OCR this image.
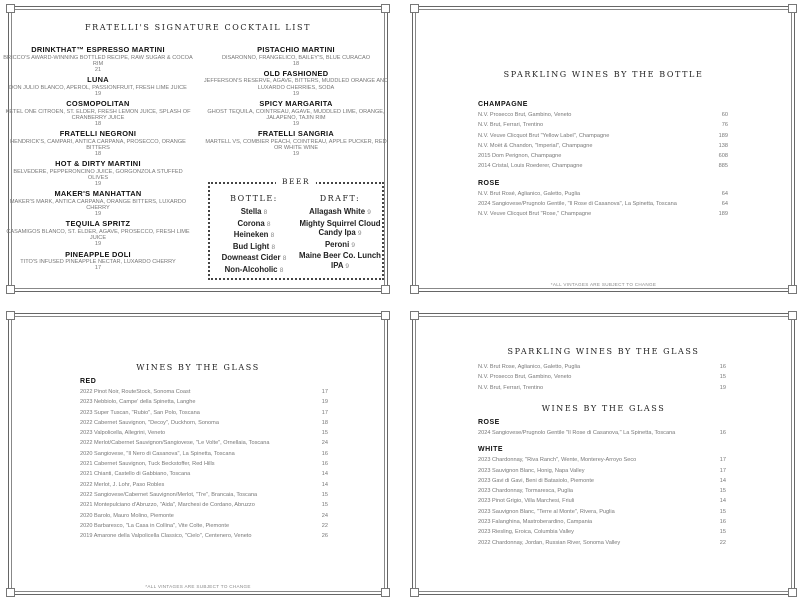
FRATELLI'S SIGNATURE COCKTAIL LIST
DRINKTHAT™ ESPRESSO MARTINI
BRICCO'S AWARD-WINNING BOTTLED RECIPE, RAW SUGAR & COCOA RIM
21
LUNA
DON JULIO BLANCO, APEROL, PASSIONFRUIT, FRESH LIME JUICE
19
COSMOPOLITAN
KETEL ONE CITROEN, ST. ELDER, FRESH LEMON JUICE, SPLASH OF CRANBERRY JUICE
18
FRATELLI NEGRONI
HENDRICK'S, CAMPARI, ANTICA CARPANA, PROSECCO, ORANGE BITTERS
18
HOT & DIRTY MARTINI
BELVEDERE, PEPPERONCINO JUICE, GORGONZOLA STUFFED OLIVES
19
MAKER'S MANHATTAN
MAKER'S MARK, ANTICA CARPANA, ORANGE BITTERS, LUXARDO CHERRY
19
TEQUILA SPRITZ
CASAMIGOS BLANCO, ST. ELDER, AGAVE, PROSECCO, FRESH LIME JUICE
19
PINEAPPLE DOLI
TITO'S INFUSED PINEAPPLE NECTAR, LUXARDO CHERRY
17
PISTACHIO MARTINI
DISARONNO, FRANGELICO, BAILEY'S, BLUE CURACAO
18
OLD FASHIONED
JEFFERSON'S RESERVE, AGAVE, BITTERS, MUDDLED ORANGE AND LUXARDO CHERRIES, SODA
19
SPICY MARGARITA
GHOST TEQUILA, COINTREAU, AGAVE, MUDDLED LIME, ORANGE, JALAPENO, TAJIN RIM
19
FRATELLI SANGRIA
MARTELL VS, COMBIER PEACH, COINTREAU, APPLE PUCKER, RED OR WHITE WINE
19
BEER
BOTTLE:
Stella 8
Corona 8
Heineken 8
Bud Light 8
Downeast Cider 8
Non-Alcoholic 8
DRAFT:
Allagash White 9
Mighty Squirrel Cloud Candy Ipa 9
Peroni 9
Maine Beer Co. Lunch IPA 9
SPARKLING WINES BY THE BOTTLE
CHAMPAGNE
N.V. Prosecco Brut, Gambino, Veneto	60
N.V. Brut, Ferrari, Trentino	76
N.V. Veuve Clicquot Brut "Yellow Label", Champagne	189
N.V. Moët & Chandon, "Imperial", Champagne	138
2015 Dom Perignon, Champagne	608
2014 Cristal, Louis Roederer, Champagne	885
ROSE
N.V. Brut Rosé, Aglianico, Galetto, Puglia	64
2024 Sangiovese/Prugnolo Gentile, "Il Rose di Casanova", La Spinetta, Toscana	64
N.V. Veuve Clicquot Brut "Rose," Champagne	189
*ALL VINTAGES ARE SUBJECT TO CHANGE
WINES BY THE GLASS
RED
2022 Pinot Noir, RouteStock, Sonoma Coast	17
2023 Nebbiolo, Campe' della Spinetta, Langhe	19
2023 Super Tuscan, "Rubio", San Polo, Toscana	17
2022 Cabernet Sauvignon, "Decoy", Duckhorn, Sonoma	18
2023 Valpolicella, Allegrini, Veneto	15
2022 Merlot/Cabernet Sauvignon/Sangiovese, "Le Volte", Ornellaia, Toscana	24
2020 Sangiovese, "Il Nero di Casanova", La Spinetta, Toscana	16
2021 Cabernet Sauvignon, Tuck Beckstoffer, Red Hills	16
2021 Chianti, Castello di Gabbiano, Toscana	14
2022 Merlot, J. Lohr, Paso Robles	14
2022 Sangiovese/Cabernet Sauvignon/Merlot, "Tre", Brancaia, Toscana	15
2021 Montepulciano d'Abruzzo, "Aida", Marchesi de Cordano, Abruzzo	15
2020 Barolo, Mauro Molino, Piemonte	24
2020 Barbaresco, "La Casa in Collina", Vite Colte, Piemonte	22
2019 Amarone della Valpolicella Classico, "Cielo", Centenero, Veneto	26
*ALL VINTAGES ARE SUBJECT TO CHANGE
SPARKLING WINES BY THE GLASS
N.V. Brut Rose, Aglianico, Galetto, Puglia	16
N.V. Prosecco Brut, Gambino, Veneto	15
N.V. Brut, Ferrari, Trentino	19
WINES BY THE GLASS
ROSE
2024 Sangiovese/Prugnolo Gentile "Il Rose di Casanova," La Spinetta, Toscana	16
WHITE
2023 Chardonnay, "Riva Ranch", Wente, Monterey-Arroyo Seco	17
2023 Sauvignon Blanc, Honig, Napa Valley	17
2023 Gavi di Gavi, Beni di Batasiolo, Piemonte	14
2023 Chardonnay, Tormaresca, Puglia	15
2023 Pinot Grigio, Villa Marchesi, Friuli	14
2023 Sauvignon Blanc, "Terre al Monte", Rivera, Puglia	15
2023 Falanghina, Mastroberardino, Campania	16
2023 Riesling, Eroica, Columbia Valley	15
2022 Chardonnay, Jordan, Russian River, Sonoma Valley	22
